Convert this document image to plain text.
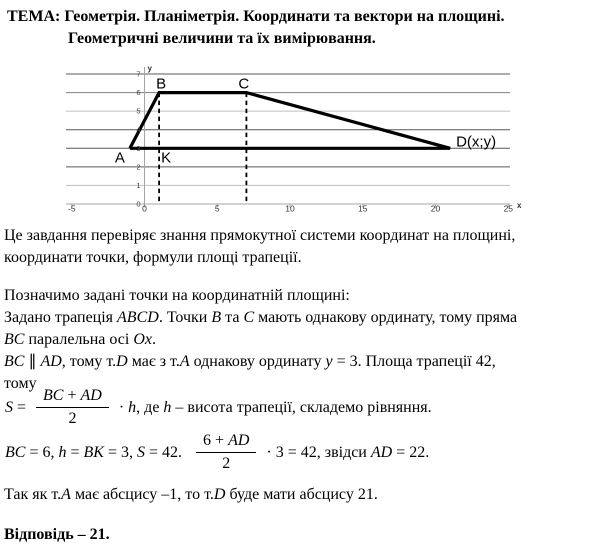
ТЕМА: Геометрія. Планіметрія. Координати та вектори на площині.
Геометричні величини та їх вимірювання.
0
1
2
3
4
5
6
7
-5	0	5	10	15	20	25
y
x
A
B	C
K
D(x;y)
Це завдання перевіряє знання прямокутної системи координат на площині,
координати точки, формули площі трапеції.
Позначимо задані точки на координатній площині:
Задано трапеція ABCD. Точки B та C мають однакову ординату, тому пряма
BC паралельна осі Ox.
BC ∥ AD, тому т.D має з т.A однакову ординату y = 3. Площа трапеції 42,
тому
$S = \frac{BC + AD}{2} \cdot h$, де h – висота трапеції, складемо рівняння.
BC = 6, h = BK = 3, S = 42. $\frac{6 + AD}{2} \cdot 3 = 42$, звідси AD = 22.
Так як т.A має абсцису –1, то т.D буде мати абсцису 21.
Відповідь – 21.
